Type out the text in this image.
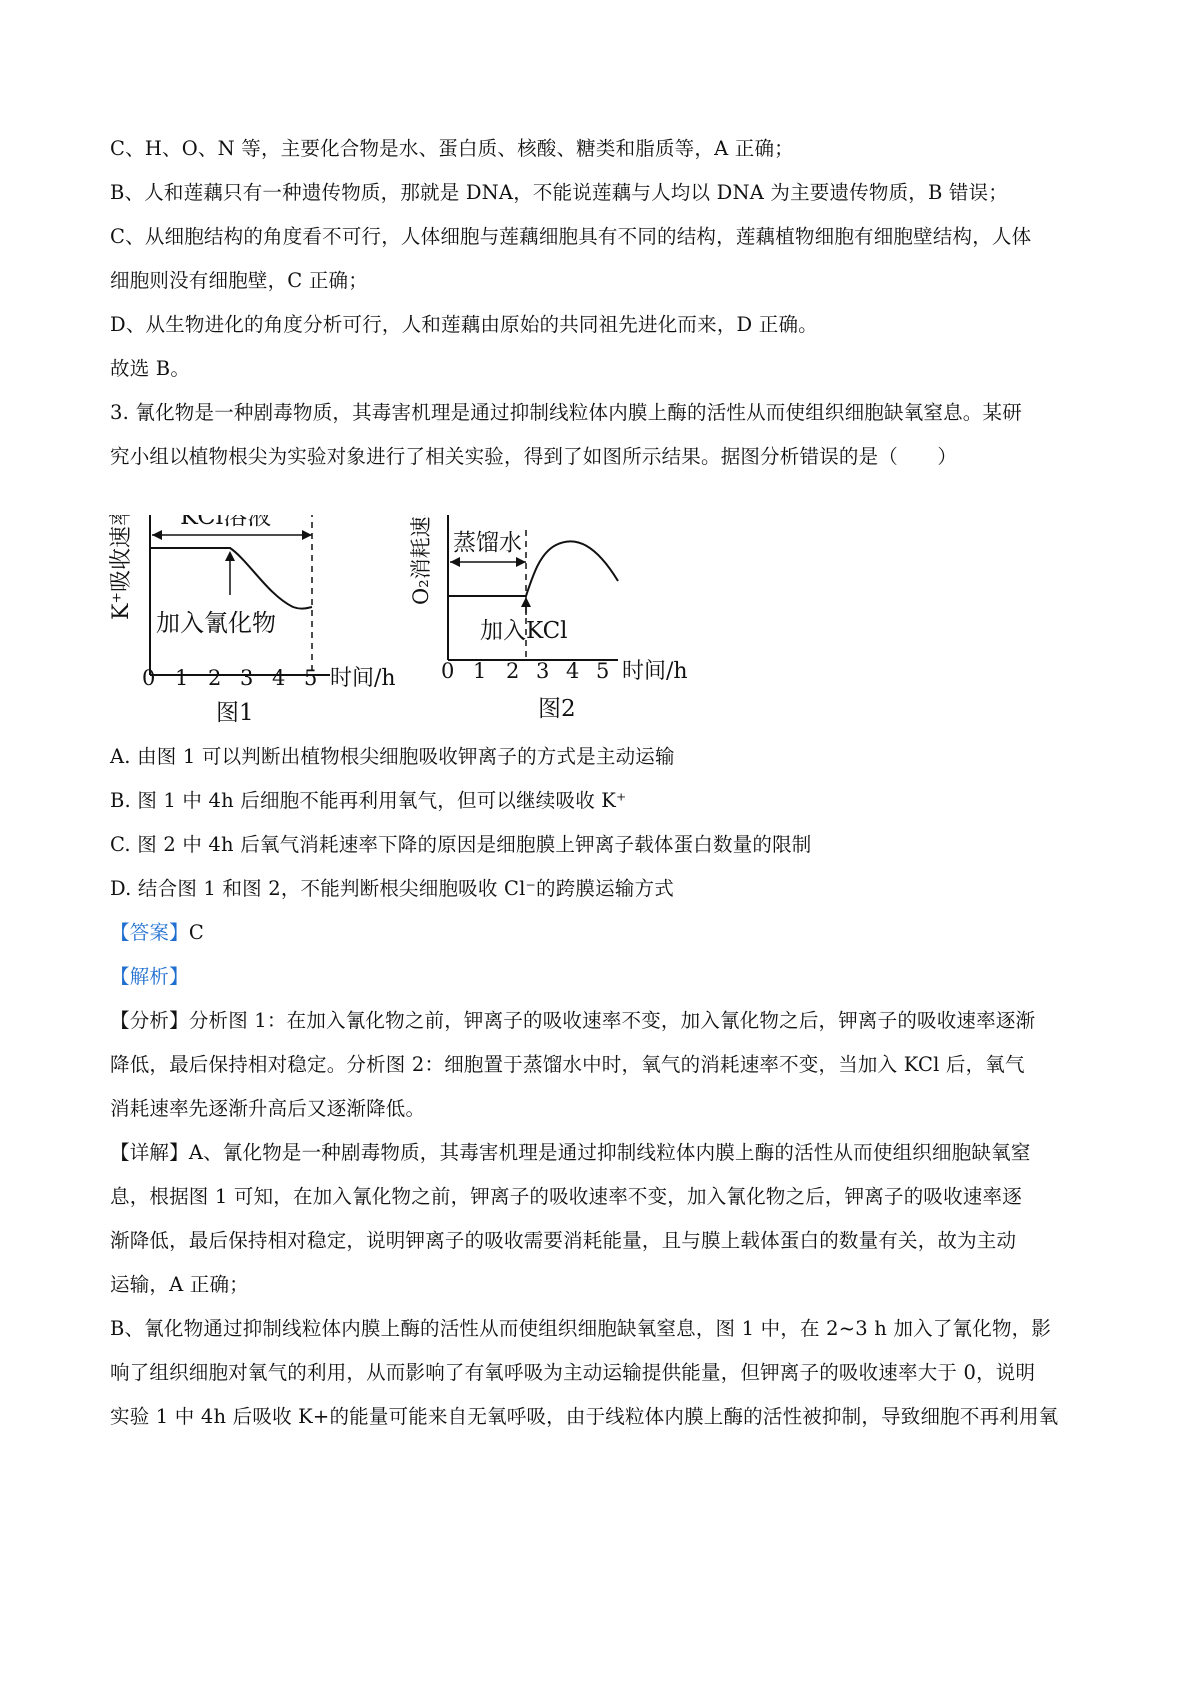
C、H、O、N 等，主要化合物是水、蛋白质、核酸、糖类和脂质等，A 正确；
B、人和莲藕只有一种遗传物质，那就是 DNA，不能说莲藕与人均以 DNA 为主要遗传物质，B 错误；
C、从细胞结构的角度看不可行，人体细胞与莲藕细胞具有不同的结构，莲藕植物细胞有细胞壁结构，人体
细胞则没有细胞壁，C 正确；
D、从生物进化的角度分析可行，人和莲藕由原始的共同祖先进化而来，D 正确。
故选 B。
3. 氰化物是一种剧毒物质，其毒害机理是通过抑制线粒体内膜上酶的活性从而使组织细胞缺氧窒息。某研
究小组以植物根尖为实验对象进行了相关实验，得到了如图所示结果。据图分析错误的是（　　）
K⁺吸收速率 KCl溶液
加入氰化物
0 1 2 3 4 5 时间/h
图1
O₂消耗速率 蒸馏水
加入KCl
0 1 2 3 4 5 时间/h
图2
A. 由图 1 可以判断出植物根尖细胞吸收钾离子的方式是主动运输
B. 图 1 中 4h 后细胞不能再利用氧气，但可以继续吸收 K⁺
C. 图 2 中 4h 后氧气消耗速率下降的原因是细胞膜上钾离子载体蛋白数量的限制
D. 结合图 1 和图 2，不能判断根尖细胞吸收 Cl⁻的跨膜运输方式
【答案】C
【解析】
【分析】分析图 1：在加入氰化物之前，钾离子的吸收速率不变，加入氰化物之后，钾离子的吸收速率逐渐
降低，最后保持相对稳定。分析图 2：细胞置于蒸馏水中时，氧气的消耗速率不变，当加入 KCl 后，氧气
消耗速率先逐渐升高后又逐渐降低。
【详解】A、氰化物是一种剧毒物质，其毒害机理是通过抑制线粒体内膜上酶的活性从而使组织细胞缺氧窒
息，根据图 1 可知，在加入氰化物之前，钾离子的吸收速率不变，加入氰化物之后，钾离子的吸收速率逐
渐降低，最后保持相对稳定，说明钾离子的吸收需要消耗能量，且与膜上载体蛋白的数量有关，故为主动
运输，A 正确；
B、氰化物通过抑制线粒体内膜上酶的活性从而使组织细胞缺氧窒息，图 1 中，在 2~3 h 加入了氰化物，影
响了组织细胞对氧气的利用，从而影响了有氧呼吸为主动运输提供能量，但钾离子的吸收速率大于 0，说明
实验 1 中 4h 后吸收 K+的能量可能来自无氧呼吸，由于线粒体内膜上酶的活性被抑制，导致细胞不再利用氧
